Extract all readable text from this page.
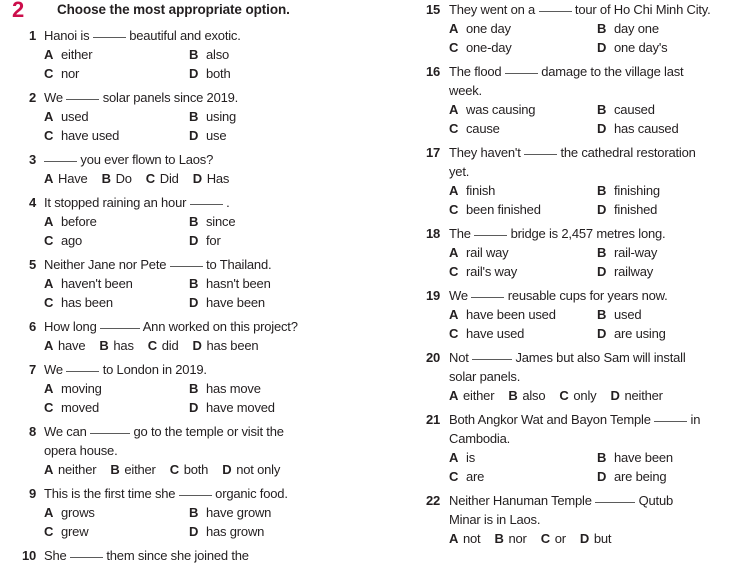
2 Choose the most appropriate option.
1 Hanoi is	beautiful and exotic.
A either	B also
C nor	D both
2 We	solar panels since 2019.
A used	B using
C have used	D use
3	you ever flown to Laos?
A Have B Do C Did D Has
4 It stopped raining an hour	.
A before	B since
C ago	D for
5 Neither Jane nor Pete	to Thailand.
A haven't been	B hasn't been
C has been	D have been
6 How long	Ann worked on this project?
A have B has C did D has been
7 We	to London in 2019.
A moving	B has move
C moved	D have moved
8 We can	go to the temple or visit the
opera house.
A neither B either C both D not only
9 This is the first time she	organic food.
A grows	B have grown
C grew	D has grown
10 She	them since she joined the
15 They went on a	tour of Ho Chi Minh City.
A one day	B day one
C one-day	D one day's
16 The flood	damage to the village last
week.
A was causing	B caused
C cause	D has caused
17 They haven't	the cathedral restoration
yet.
A finish	B finishing
C been finished	D finished
18 The	bridge is 2,457 metres long.
A rail way	B rail-way
C rail's way	D railway
19 We	reusable cups for years now.
A have been used	B used
C have used	D are using
20 Not	James but also Sam will install
solar panels.
A either B also C only D neither
21 Both Angkor Wat and Bayon Temple	in
Cambodia.
A is	B have been
C are	D are being
22 Neither Hanuman Temple	Qutub
Minar is in Laos.
A not B nor C or D but
